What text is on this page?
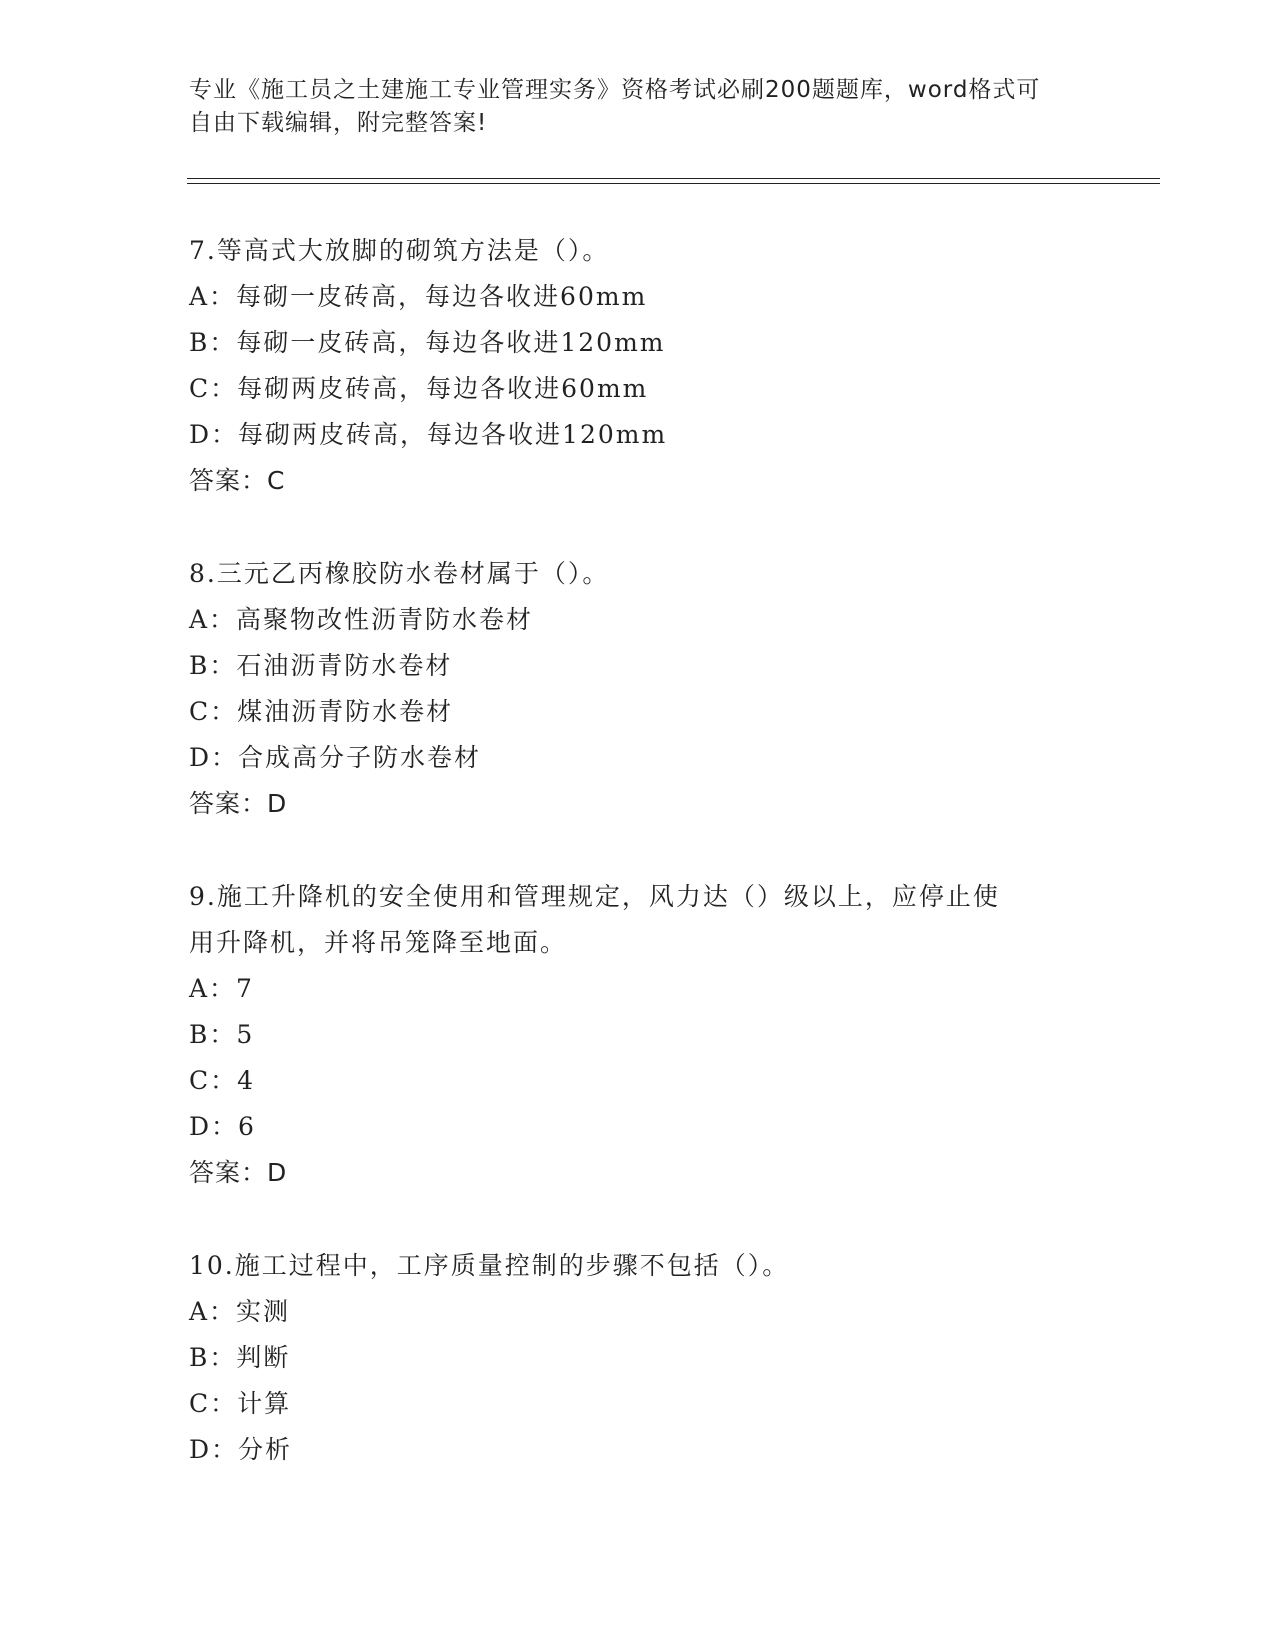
专业《施工员之土建施工专业管理实务》资格考试必刷200题题库，word格式可
自由下载编辑，附完整答案!
7.等高式大放脚的砌筑方法是（）。
A：每砌一皮砖高，每边各收进60mm
B：每砌一皮砖高，每边各收进120mm
C：每砌两皮砖高，每边各收进60mm
D：每砌两皮砖高，每边各收进120mm
答案：C
8.三元乙丙橡胶防水卷材属于（）。
A：高聚物改性沥青防水卷材
B：石油沥青防水卷材
C：煤油沥青防水卷材
D：合成高分子防水卷材
答案：D
9.施工升降机的安全使用和管理规定，风力达（）级以上，应停止使
用升降机，并将吊笼降至地面。
A：7
B：5
C：4
D：6
答案：D
10.施工过程中，工序质量控制的步骤不包括（）。
A：实测
B：判断
C：计算
D：分析
